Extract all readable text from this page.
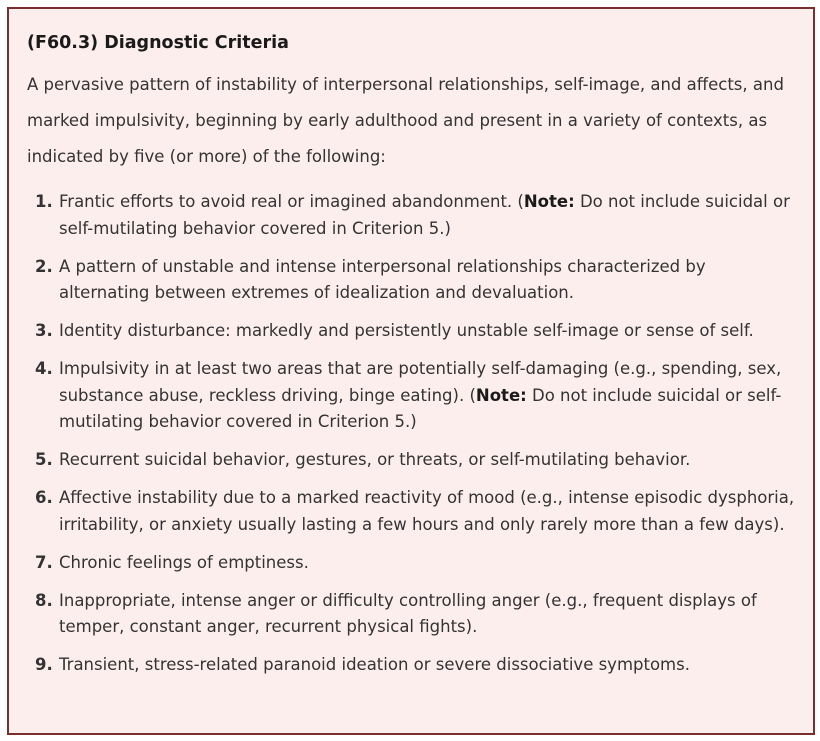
(F60.3) Diagnostic Criteria

A pervasive pattern of instability of interpersonal relationships, self-image, and affects, and marked impulsivity, beginning by early adulthood and present in a variety of contexts, as indicated by five (or more) of the following:

1. Frantic efforts to avoid real or imagined abandonment. (Note: Do not include suicidal or self-mutilating behavior covered in Criterion 5.)
2. A pattern of unstable and intense interpersonal relationships characterized by alternating between extremes of idealization and devaluation.
3. Identity disturbance: markedly and persistently unstable self-image or sense of self.
4. Impulsivity in at least two areas that are potentially self-damaging (e.g., spending, sex, substance abuse, reckless driving, binge eating). (Note: Do not include suicidal or self-mutilating behavior covered in Criterion 5.)
5. Recurrent suicidal behavior, gestures, or threats, or self-mutilating behavior.
6. Affective instability due to a marked reactivity of mood (e.g., intense episodic dysphoria, irritability, or anxiety usually lasting a few hours and only rarely more than a few days).
7. Chronic feelings of emptiness.
8. Inappropriate, intense anger or difficulty controlling anger (e.g., frequent displays of temper, constant anger, recurrent physical fights).
9. Transient, stress-related paranoid ideation or severe dissociative symptoms.
